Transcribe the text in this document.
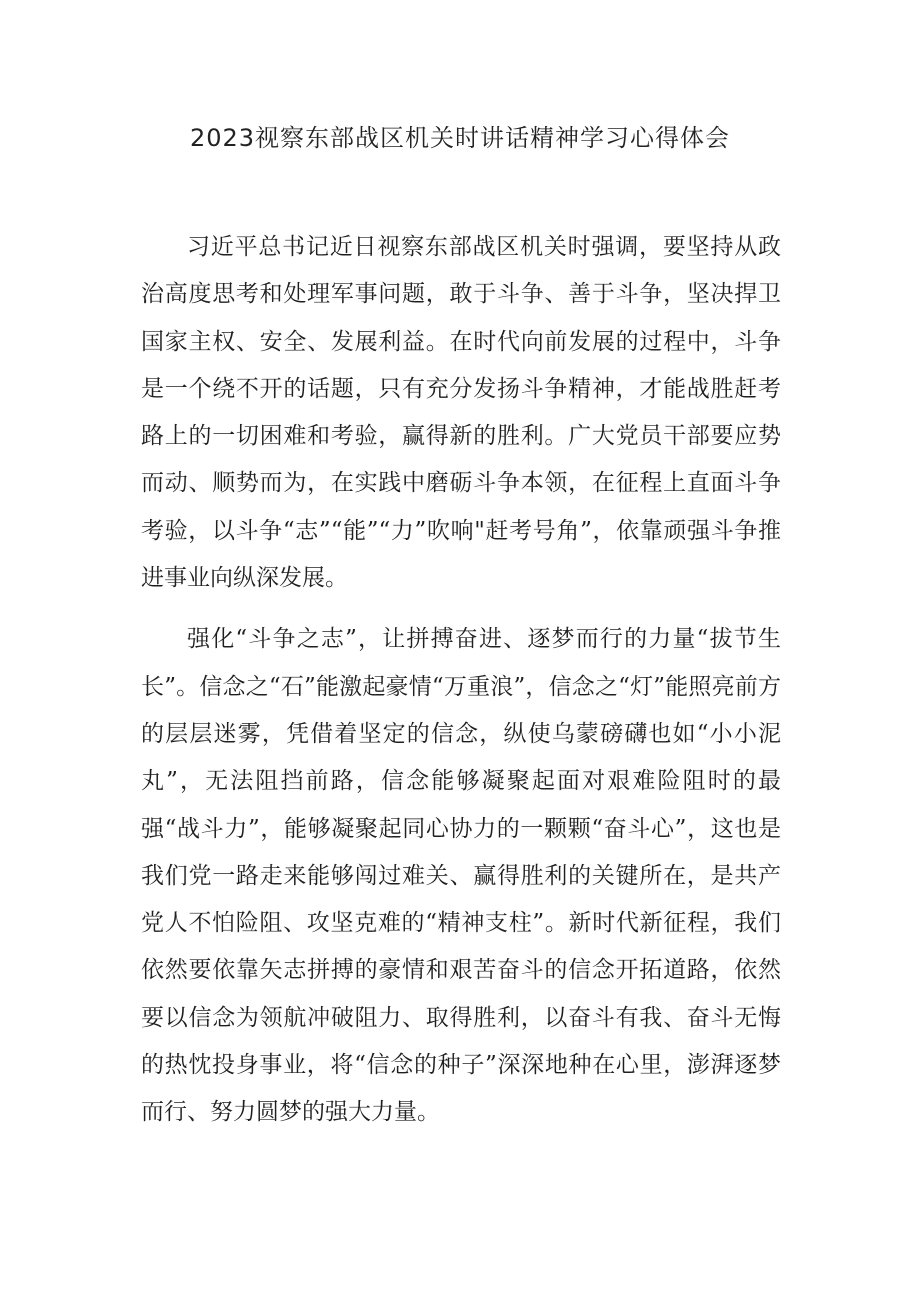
2023视察东部战区机关时讲话精神学习心得体会

习近平总书记近日视察东部战区机关时强调，要坚持从政治高度思考和处理军事问题，敢于斗争、善于斗争，坚决捍卫国家主权、安全、发展利益。在时代向前发展的过程中，斗争是一个绕不开的话题，只有充分发扬斗争精神，才能战胜赶考路上的一切困难和考验，赢得新的胜利。广大党员干部要应势而动、顺势而为，在实践中磨砺斗争本领，在征程上直面斗争考验，以斗争“志”“能”“力”吹响"赶考号角”，依靠顽强斗争推进事业向纵深发展。

强化“斗争之志”，让拼搏奋进、逐梦而行的力量“拔节生长”。信念之“石”能激起豪情“万重浪”，信念之“灯”能照亮前方的层层迷雾，凭借着坚定的信念，纵使乌蒙磅礴也如“小小泥丸”，无法阻挡前路，信念能够凝聚起面对艰难险阻时的最强“战斗力”，能够凝聚起同心协力的一颗颗“奋斗心”，这也是我们党一路走来能够闯过难关、赢得胜利的关键所在，是共产党人不怕险阻、攻坚克难的“精神支柱”。新时代新征程，我们依然要依靠矢志拼搏的豪情和艰苦奋斗的信念开拓道路，依然要以信念为领航冲破阻力、取得胜利，以奋斗有我、奋斗无悔的热忱投身事业，将“信念的种子”深深地种在心里，澎湃逐梦而行、努力圆梦的强大力量。
